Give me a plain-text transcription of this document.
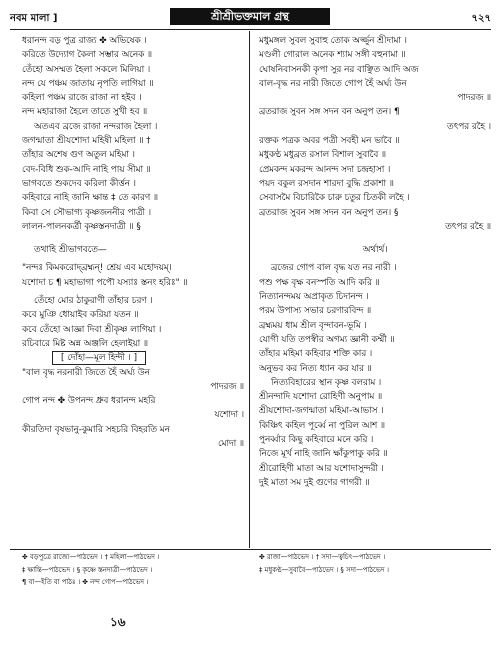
নবম মালা ]	শ্রীশ্রীভক্তমাল গ্রন্থ	৭২৭
ধরানন্দ বড় পুত্র রাজ্য ✤ অভিষেক ।
করিতে উদ্যোগ কৈলা সম্ভার অনেক ॥
তেঁহো অসম্মত হৈলা সকলে মিলিয়া ।
নন্দ যে পঞ্চম জাতায় নৃপতি লাগিয়া ॥
কহিলা পঞ্চম রাজে রাজা না হইব ।
নন্দ মহারাজা হৈলে তাতে সুখী হব ॥
অতএব ব্রজে রাজা নন্দরাজ হৈলা ।
জগন্মাতা শ্রীযশোদা মহিষী মহিলা ॥ †
তাঁহার অশেষ গুণ অতুল মহিমা ।
বেদ-বিধি শুক-আদি নাহি পায় সীমা ॥
ভাগবতে শুকদেব করিলা কীর্ত্তন ।
কহিবারে নাহি জানি ক্ষান্ত ‡ তে কারণ ॥
কিবা সে সৌভাগ্য কৃষ্ণজননীর পাত্রী ।
লালন-পালনকর্ত্রী কৃষ্ণস্তনদাত্রী ॥ §
তথাহি শ্রীভাগবতে—
"নন্দঃ কিমকরোদ্‌ব্রহ্মন্! শ্রেয় এব মহোদয়ম্।
যশোদা চ ¶ মহাভাগা পপৌ যস্যাঃ স্তনং হরিঃ" ॥
তেঁহো মোর ঠাকুরাণী তাঁহার চরণ ।
কবে মুঞি ধোয়াইব করিয়া যতন ॥
কবে তেঁহো আজ্ঞা দিবা শ্রীকৃষ্ণ লাগিয়া ।
রচিবারে মিষ্ট অন্ন অঞ্জলি হেলাইয়া ॥
[ দোঁহা—মূল হিন্দী । ]
"বাল বৃদ্ধ নরনারী জিতে হৈঁ অর্ঘ্য উন
পাদরজ ॥
গোপ নন্দ ✤ উপনন্দ ধ্রুব ধরানন্দ মহরি
যশোদা ।
কীরতিদা বৃষভানু-কুমারি সহচরি বিহরতি মন
মোদা ॥
মধুমঙ্গল সুবল সুবাহু তোক অর্জ্জুন শ্রীদামা ।
মণ্ডলী গোরাল অনেক শ্যাম সঙ্গী বহুনামা ॥
ঘোষনিবাসনকী কৃপা সুর নর বাঞ্ছিত আদি অজ
বাল-বৃদ্ধ নর নারী জিতে গোপ হৈঁ অর্ঘ্য উন
পাদরজ ॥
ব্রতরাজ সুবন সঙ্গ সদন বন অনুপ তন। ¶
তৎপর রহৈ ।
রক্তক পত্রক অবর পত্রী সবহী মন ভাবৈ ॥
মধুকণ্ঠ মধুব্রত রসাল বিশাল সুবাবৈ ॥
প্রেমকন্দ মকরন্দ আনন্দ সদা চন্দ্রহাসা ।
পয়দ বকুল রসদান শারদা বুদ্ধি প্রকাশা ॥
সেবাসমৈ বিচারিকৈ চারু চতুর চিতকী লহৈ ।
ব্রতরাজ সুবন সঙ্গ সদন বন অনুপ তন। §
তৎপর রহৈ ॥
অর্থার্থ।
ব্রজের গোপ বাল বৃদ্ধ যত নর নারী ।
পশু পক্ষ বৃক্ষ বনস্পতি আদি করি ॥
নিত্যানন্দময় অপ্রাকৃত চিদানন্দ ।
পরম উপাস্য সভার চরণারবিন্দ ॥
ব্রহ্মময় ধাম শ্রীল বৃন্দাবন-ভূমি ।
যোগী যতি তপস্বীর অগম্য জ্ঞানী কর্ম্মী ॥
তাঁহার মহিমা কহিবার শক্তি কার ।
অনুভব কর নিত্য ধ্যান কর যার ॥
নিত্যবিহারের স্থান কৃষ্ণ বলরাম ।
শ্রীনন্দাদি যশোদা রোহিণী অনুপাম ॥
শ্রীযশোদা-জগন্মাতা মহিমা-আভাস ।
কিঞ্চিৎ কহিল পূর্ব্বে না পুরিল আশ ॥
পুনর্ব্বার কিছু কহিবারে মনে করি ।
নিজে মূর্খ নাহি জানি ক্ষাঁকুপাকু করি ॥
শ্রীরোহিণী মাতা আর যশোদাসুন্দরী ।
দুই মাতা সম দুই গুণের গাগরী ॥
✤ বড়পুত্রে রাজ্যে—পাঠভেদ । † মহিলা—পাঠভেদ ।
‡ ক্ষান্তি—পাঠভেদ । § কৃষ্ণে স্তনদাত্রী—পাঠভেদ ।
¶ বা—ইতি বা পাঠঃ । ✤ নন্দ গোপ—পাঠভেদ ।
✤ রাজা—পাঠভেদ । † সদা—ত্বচিৎ—পাঠভেদ ।
‡ মধুকণ্ঠ—সুবাবৈ—পাঠভেদ । § সদা—পাঠভেদ ।
১৬
